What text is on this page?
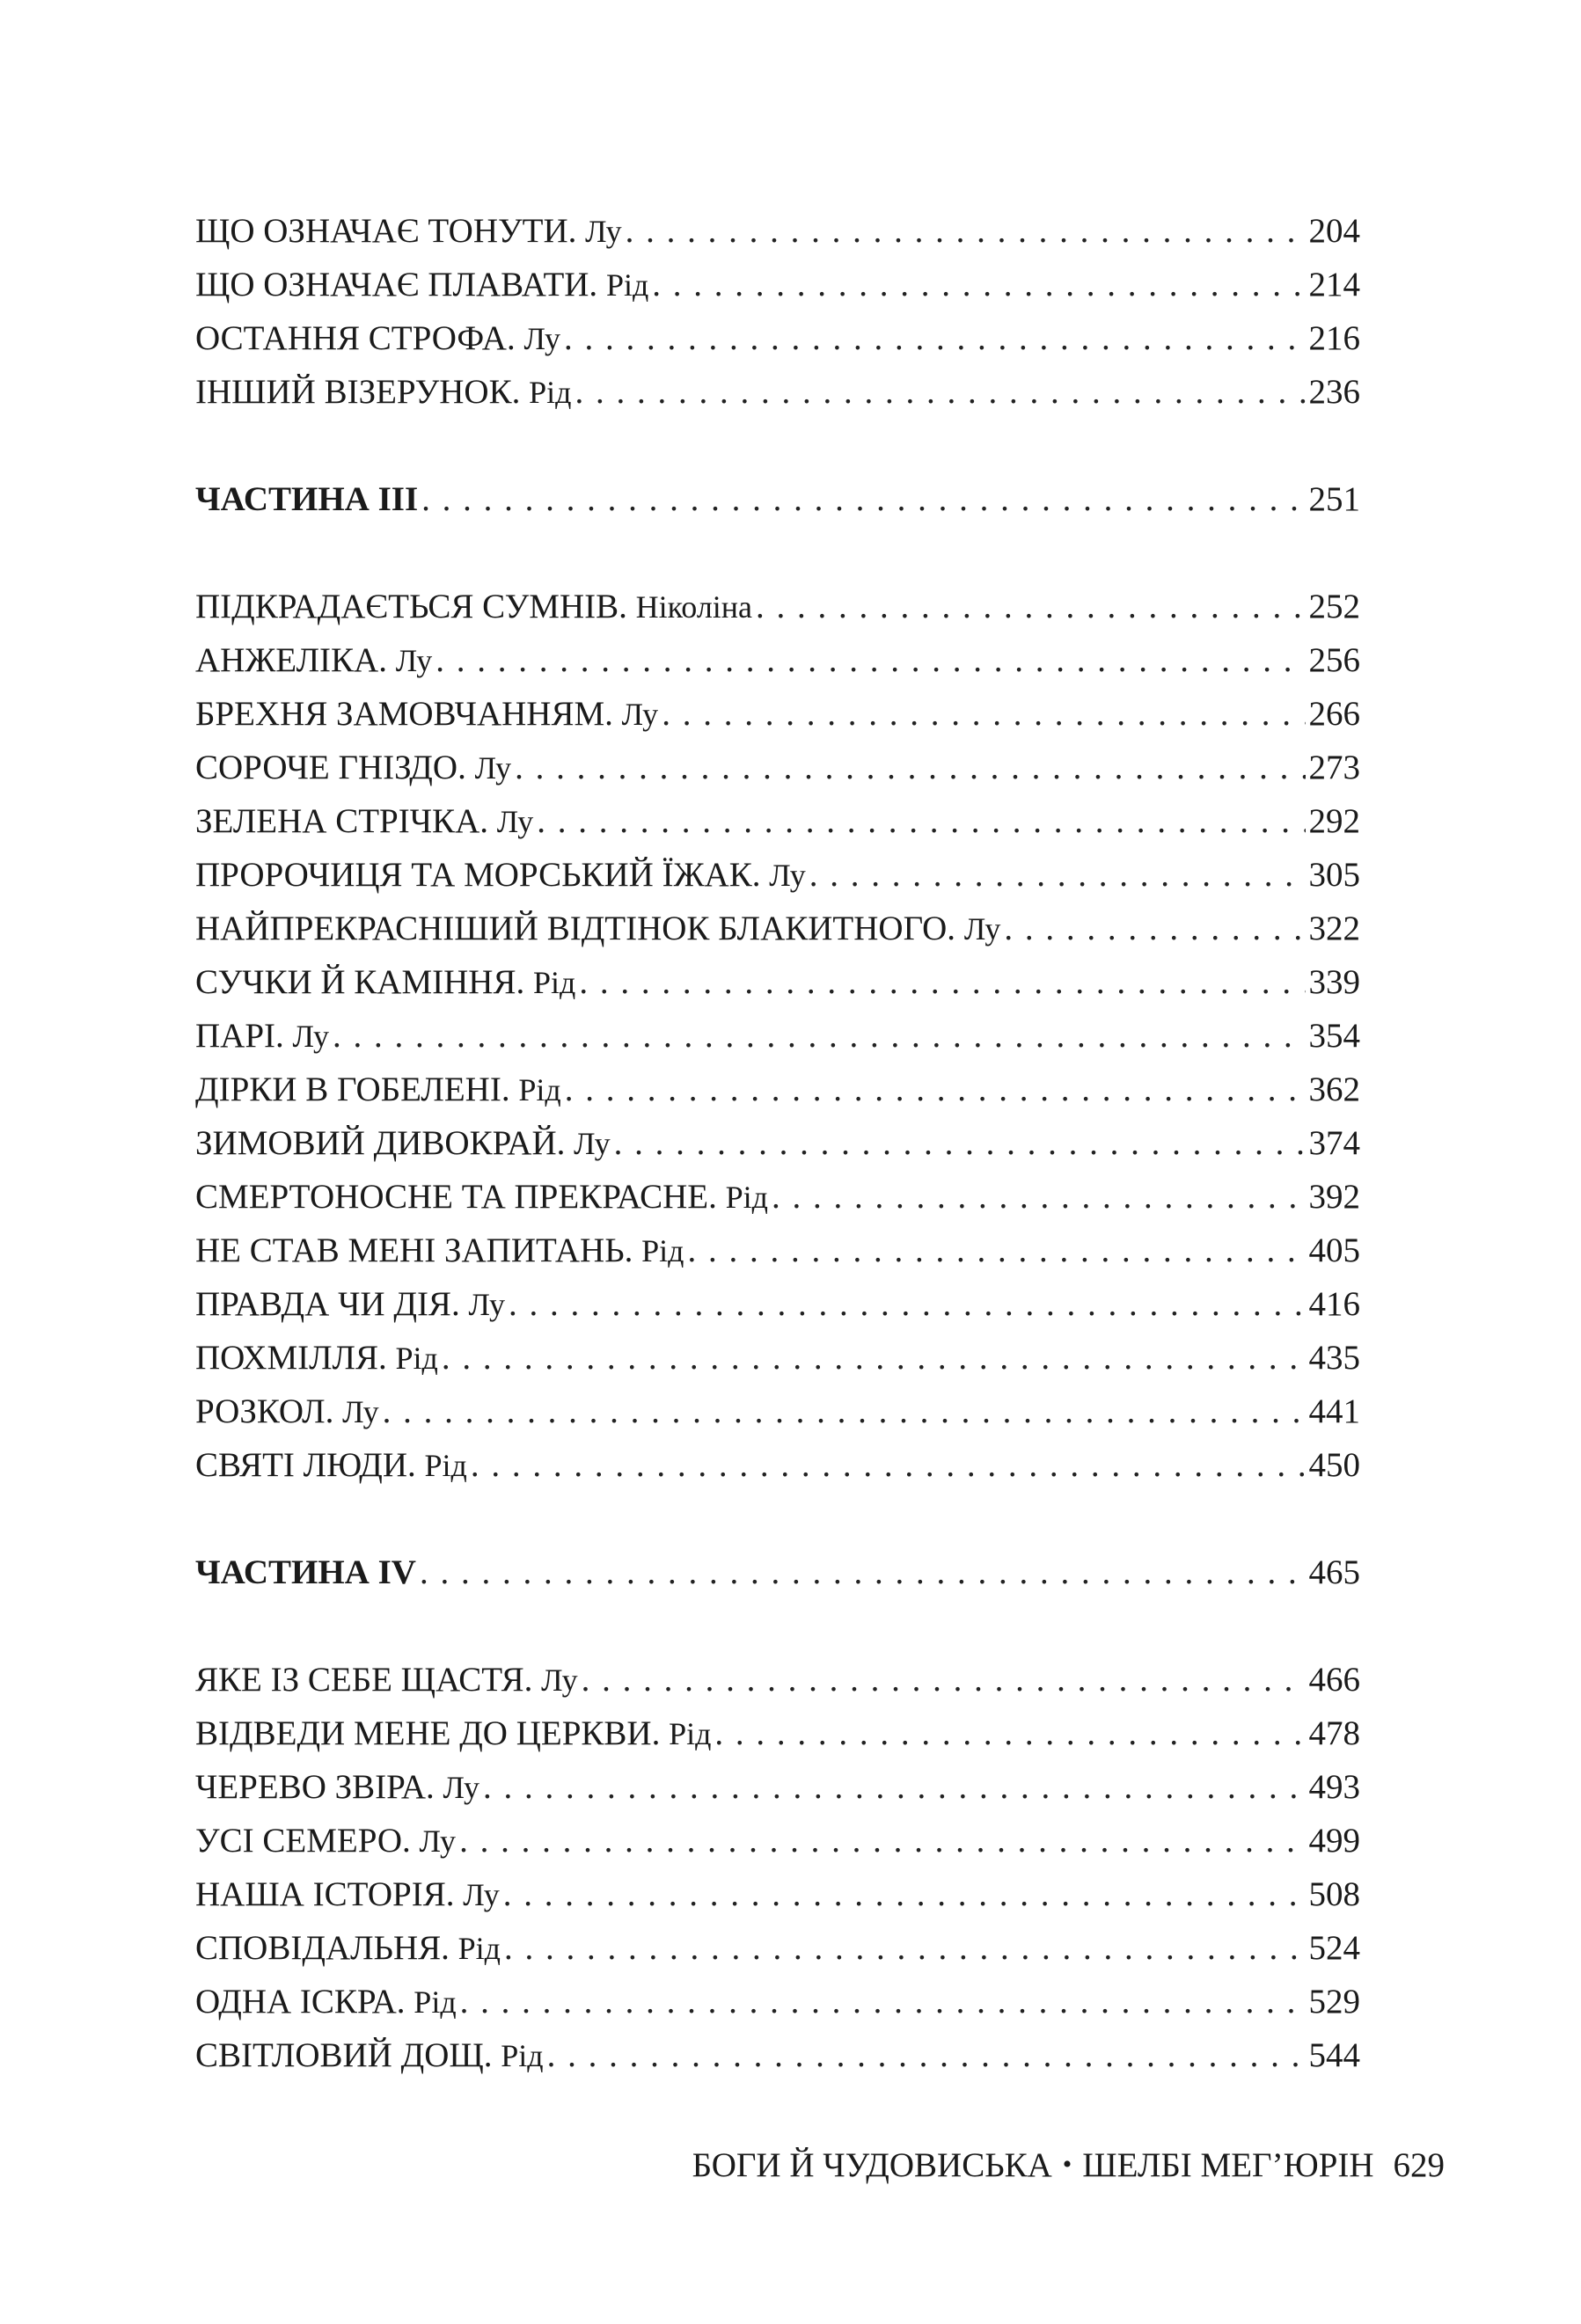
ЩО ОЗНАЧАЄ ТОНУТИ. Лу . . .	204
ЩО ОЗНАЧАЄ ПЛАВАТИ. Рід . . .	214
ОСТАННЯ СТРОФА. Лу . . .	216
ІНШИЙ ВІЗЕРУНОК. Рід . . .	236
ЧАСТИНА III . . .	251
ПІДКРАДАЄТЬСЯ СУМНІВ. Ніколіна . . .	252
АНЖЕЛІКА. Лу . . .	256
БРЕХНЯ ЗАМОВЧАННЯМ. Лу . . .	266
СОРОЧЕ ГНІЗДО. Лу . . .	273
ЗЕЛЕНА СТРІЧКА. Лу . . .	292
ПРОРОЧИЦЯ ТА МОРСЬКИЙ ЇЖАК. Лу . . .	305
НАЙПРЕКРАСНІШИЙ ВІДТІНОК БЛАКИТНОГО. Лу . . .	322
СУЧКИ Й КАМІННЯ. Рід . . .	339
ПАРІ. Лу . . .	354
ДІРКИ В ГОБЕЛЕНІ. Рід . . .	362
ЗИМОВИЙ ДИВОКРАЙ. Лу . . .	374
СМЕРТОНОСНЕ ТА ПРЕКРАСНЕ. Рід . . .	392
НЕ СТАВ МЕНІ ЗАПИТАНЬ. Рід . . .	405
ПРАВДА ЧИ ДІЯ. Лу . . .	416
ПОХМІЛЛЯ. Рід . . .	435
РОЗКОЛ. Лу . . .	441
СВЯТІ ЛЮДИ. Рід . . .	450
ЧАСТИНА IV . . .	465
ЯКЕ ІЗ СЕБЕ ЩАСТЯ. Лу . . .	466
ВІДВЕДИ МЕНЕ ДО ЦЕРКВИ. Рід . . .	478
ЧЕРЕВО ЗВІРА. Лу . . .	493
УСІ СЕМЕРО. Лу . . .	499
НАША ІСТОРІЯ. Лу . . .	508
СПОВІДАЛЬНЯ. Рід . . .	524
ОДНА ІСКРА. Рід . . .	529
СВІТЛОВИЙ ДОЩ. Рід . . .	544
БОГИ Й ЧУДОВИСЬКА • ШЕЛБІ МЕГ’ЮРІН 629
